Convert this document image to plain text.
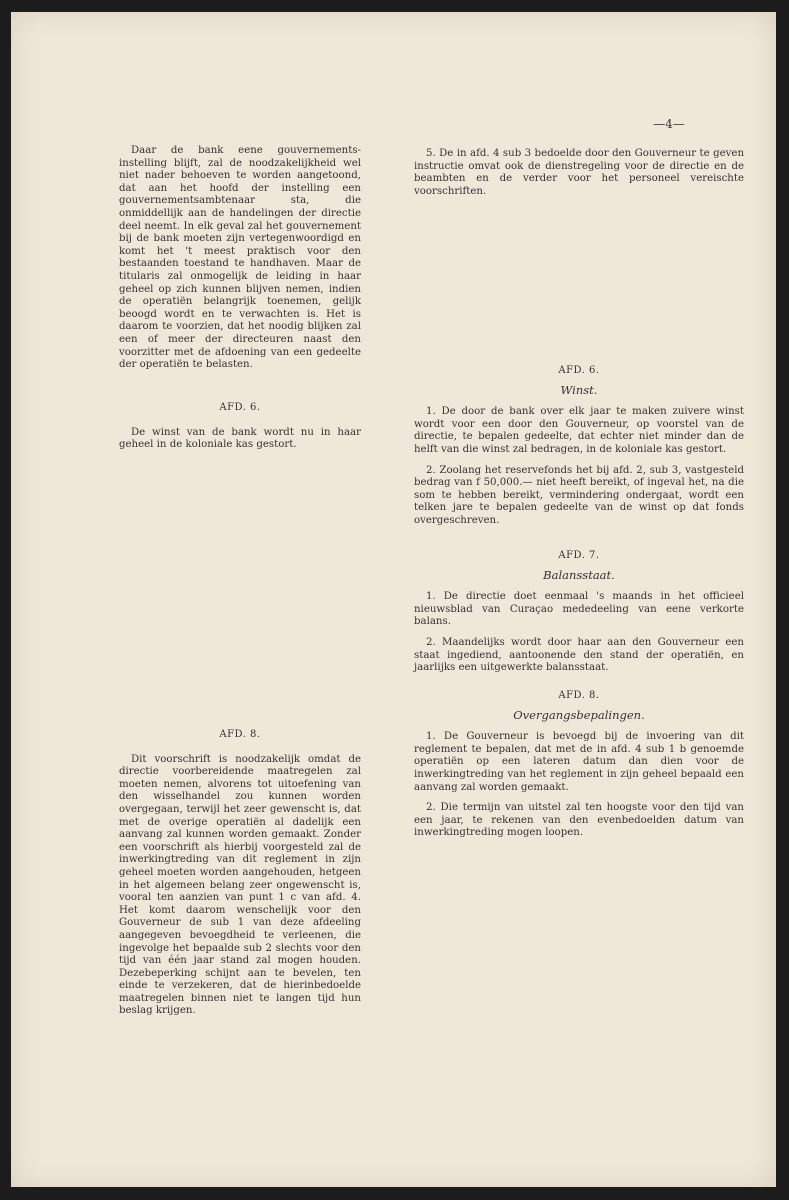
Daar de bank eene gouvernements-instelling blijft, zal de noodzakelijkheid wel niet nader behoeven te worden aangetoond, dat aan het hoofd der instelling een gouvernementsambtenaar sta, die onmiddellijk aan de handelingen der directie deel neemt. In elk geval zal het gouvernement bij de bank moeten zijn vertegenwoordigd en komt het 't meest praktisch voor den bestaanden toestand te handhaven. Maar de titularis zal onmogelijk de leiding in haar geheel op zich kunnen blijven nemen, indien de operatiën belangrijk toenemen, gelijk beoogd wordt en te verwachten is. Het is daarom te voorzien, dat het noodig blijken zal een of meer der directeuren naast den voorzitter met de afdoening van een gedeelte der operatiën te belasten.

AFD. 6.

De winst van de bank wordt nu in haar geheel in de koloniale kas gestort.

AFD. 8.

Dit voorschrift is noodzakelijk omdat de directie voorbereidende maatregelen zal moeten nemen, alvorens tot uitoefening van den wisselhandel zou kunnen worden overgegaan, terwijl het zeer gewenscht is, dat met de overige operatiën al dadelijk een aanvang zal kunnen worden gemaakt. Zonder een voorschrift als hierbij voorgesteld zal de inwerkingtreding van dit reglement in zijn geheel moeten worden aangehouden, hetgeen in het algemeen belang zeer ongewenscht is, vooral ten aanzien van punt 1 c van afd. 4. Het komt daarom wenschelijk voor den Gouverneur de sub 1 van deze afdeeling aangegeven bevoegdheid te verleenen, die ingevolge het bepaalde sub 2 slechts voor den tijd van één jaar stand zal mogen houden. Dezebeperking schijnt aan te bevelen, ten einde te verzekeren, dat de hierinbedoelde maatregelen binnen niet te langen tijd hun beslag krijgen.

—4—

5. De in afd. 4 sub 3 bedoelde door den Gouverneur te geven instructie omvat ook de dienstregeling voor de directie en de beambten en de verder voor het personeel vereischte voorschriften.

AFD. 6.

Winst.

1. De door de bank over elk jaar te maken zuivere winst wordt voor een door den Gouverneur, op voorstel van de directie, te bepalen gedeelte, dat echter niet minder dan de helft van die winst zal bedragen, in de koloniale kas gestort.

2. Zoolang het reservefonds het bij afd. 2, sub 3, vastgesteld bedrag van f 50,000.— niet heeft bereikt, of ingeval het, na die som te hebben bereikt, vermindering ondergaat, wordt een telken jare te bepalen gedeelte van de winst op dat fonds overgeschreven.

AFD. 7.

Balansstaat.

1. De directie doet eenmaal 's maands in het officieel nieuwsblad van Curaçao mededeeling van eene verkorte balans.

2. Maandelijks wordt door haar aan den Gouverneur een staat ingediend, aantoonende den stand der operatiën, en jaarlijks een uitgewerkte balansstaat.

AFD. 8.

Overgangsbepalingen.

1. De Gouverneur is bevoegd bij de invoering van dit reglement te bepalen, dat met de in afd. 4 sub 1 b genoemde operatiën op een lateren datum dan dien voor de inwerkingtreding van het reglement in zijn geheel bepaald een aanvang zal worden gemaakt.

2. Die termijn van uitstel zal ten hoogste voor den tijd van een jaar, te rekenen van den evenbedoelden datum van inwerkingtreding mogen loopen.
